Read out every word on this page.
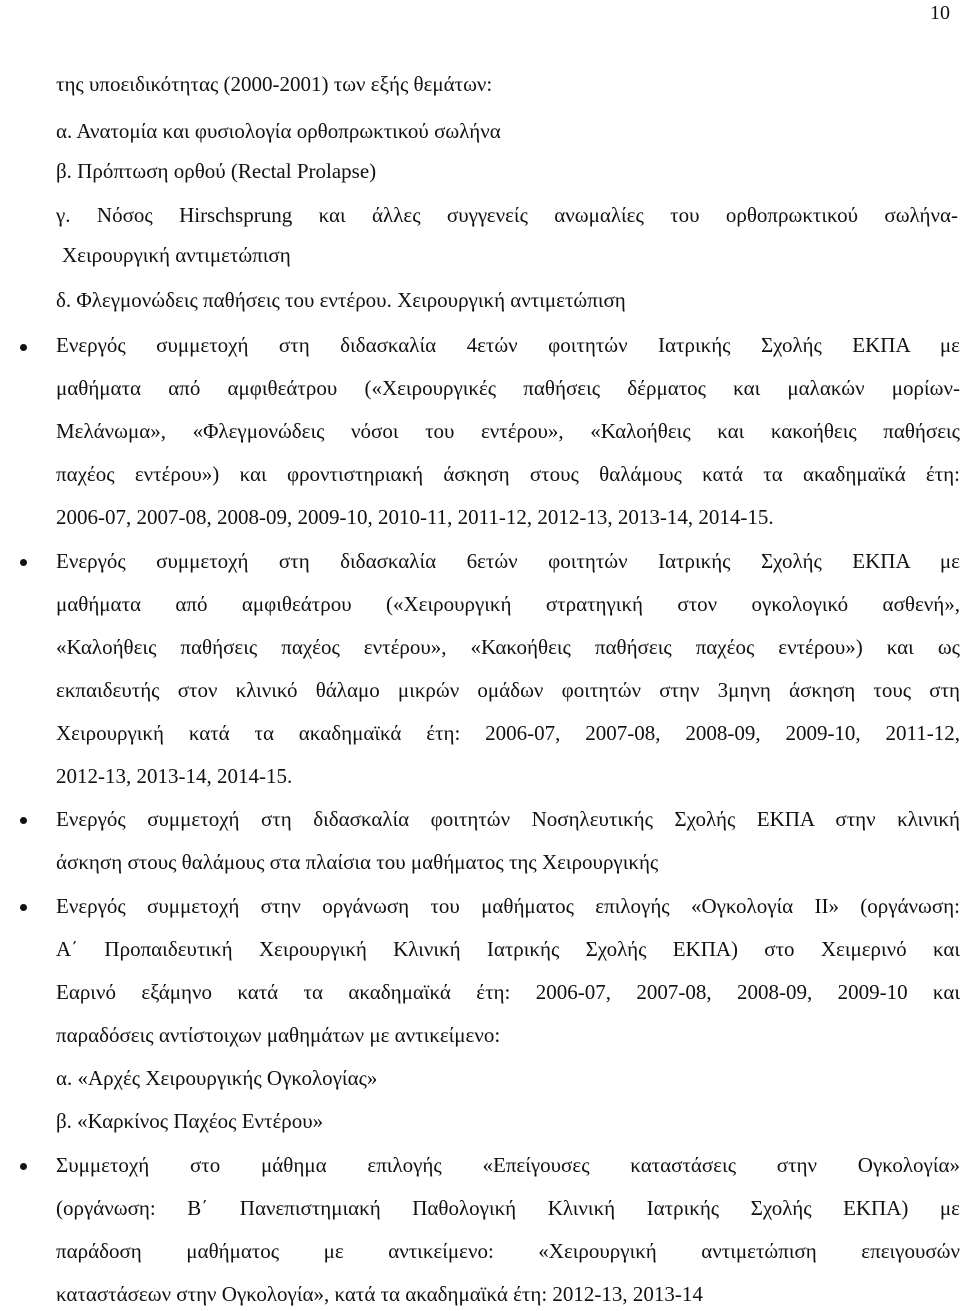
10
της υποειδικότητας (2000-2001) των εξής θεμάτων:
α. Ανατομία και φυσιολογία ορθοπρωκτικού σωλήνα
β. Πρόπτωση ορθού (Rectal Prolapse)
γ. Νόσος Hirschsprung και άλλες συγγενείς ανωμαλίες του ορθοπρωκτικού σωλήνα-
Χειρουργική αντιμετώπιση
δ. Φλεγμονώδεις παθήσεις του εντέρου. Χειρουργική αντιμετώπιση
Ενεργός συμμετοχή στη διδασκαλία 4ετών φοιτητών Ιατρικής Σχολής ΕΚΠΑ με
μαθήματα από αμφιθεάτρου («Χειρουργικές παθήσεις δέρματος και μαλακών μορίων-
Μελάνωμα», «Φλεγμονώδεις νόσοι του εντέρου», «Καλοήθεις και κακοήθεις παθήσεις
παχέος εντέρου») και φροντιστηριακή άσκηση στους θαλάμους κατά τα ακαδημαϊκά έτη:
2006-07, 2007-08, 2008-09, 2009-10, 2010-11, 2011-12, 2012-13, 2013-14, 2014-15.
Ενεργός συμμετοχή στη διδασκαλία 6ετών φοιτητών Ιατρικής Σχολής ΕΚΠΑ με
μαθήματα από αμφιθεάτρου («Χειρουργική στρατηγική στον ογκολογικό ασθενή»,
«Καλοήθεις παθήσεις παχέος εντέρου», «Κακοήθεις παθήσεις παχέος εντέρου») και ως
εκπαιδευτής στον κλινικό θάλαμο μικρών ομάδων φοιτητών στην 3μηνη άσκηση τους στη
Χειρουργική κατά τα ακαδημαϊκά έτη: 2006-07, 2007-08, 2008-09, 2009-10, 2011-12,
2012-13, 2013-14, 2014-15.
Ενεργός συμμετοχή στη διδασκαλία φοιτητών Νοσηλευτικής Σχολής ΕΚΠΑ στην κλινική
άσκηση στους θαλάμους στα πλαίσια του μαθήματος της Χειρουργικής
Ενεργός συμμετοχή στην οργάνωση του μαθήματος επιλογής «Ογκολογία ΙΙ» (οργάνωση:
Α΄ Προπαιδευτική Χειρουργική Κλινική Ιατρικής Σχολής ΕΚΠΑ) στο Χειμερινό και
Εαρινό εξάμηνο κατά τα ακαδημαϊκά έτη: 2006-07, 2007-08, 2008-09, 2009-10 και
παραδόσεις αντίστοιχων μαθημάτων με αντικείμενο:
α. «Αρχές Χειρουργικής Ογκολογίας»
β. «Καρκίνος Παχέος Εντέρου»
Συμμετοχή στο μάθημα επιλογής «Επείγουσες καταστάσεις στην Ογκολογία»
(οργάνωση: Β΄ Πανεπιστημιακή Παθολογική Κλινική Ιατρικής Σχολής ΕΚΠΑ) με
παράδοση μαθήματος με αντικείμενο: «Χειρουργική αντιμετώπιση επειγουσών
καταστάσεων στην Ογκολογία», κατά τα ακαδημαϊκά έτη: 2012-13, 2013-14
